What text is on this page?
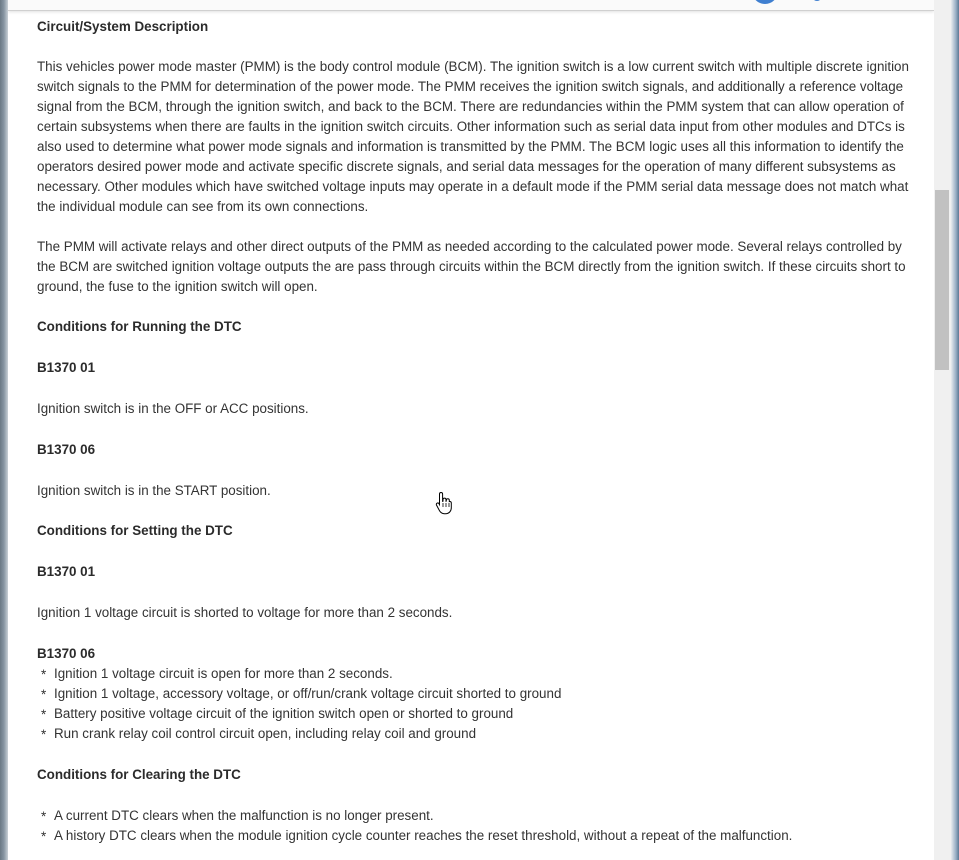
Circuit/System Description

This vehicles power mode master (PMM) is the body control module (BCM). The ignition switch is a low current switch with multiple discrete ignition switch signals to the PMM for determination of the power mode. The PMM receives the ignition switch signals, and additionally a reference voltage signal from the BCM, through the ignition switch, and back to the BCM. There are redundancies within the PMM system that can allow operation of certain subsystems when there are faults in the ignition switch circuits. Other information such as serial data input from other modules and DTCs is also used to determine what power mode signals and information is transmitted by the PMM. The BCM logic uses all this information to identify the operators desired power mode and activate specific discrete signals, and serial data messages for the operation of many different subsystems as necessary. Other modules which have switched voltage inputs may operate in a default mode if the PMM serial data message does not match what the individual module can see from its own connections.

The PMM will activate relays and other direct outputs of the PMM as needed according to the calculated power mode. Several relays controlled by the BCM are switched ignition voltage outputs the are pass through circuits within the BCM directly from the ignition switch. If these circuits short to ground, the fuse to the ignition switch will open.

Conditions for Running the DTC

B1370 01

Ignition switch is in the OFF or ACC positions.

B1370 06

Ignition switch is in the START position.

Conditions for Setting the DTC

B1370 01

Ignition 1 voltage circuit is shorted to voltage for more than 2 seconds.

B1370 06

* Ignition 1 voltage circuit is open for more than 2 seconds.
* Ignition 1 voltage, accessory voltage, or off/run/crank voltage circuit shorted to ground
* Battery positive voltage circuit of the ignition switch open or shorted to ground
* Run crank relay coil control circuit open, including relay coil and ground

Conditions for Clearing the DTC

* A current DTC clears when the malfunction is no longer present.
* A history DTC clears when the module ignition cycle counter reaches the reset threshold, without a repeat of the malfunction.
